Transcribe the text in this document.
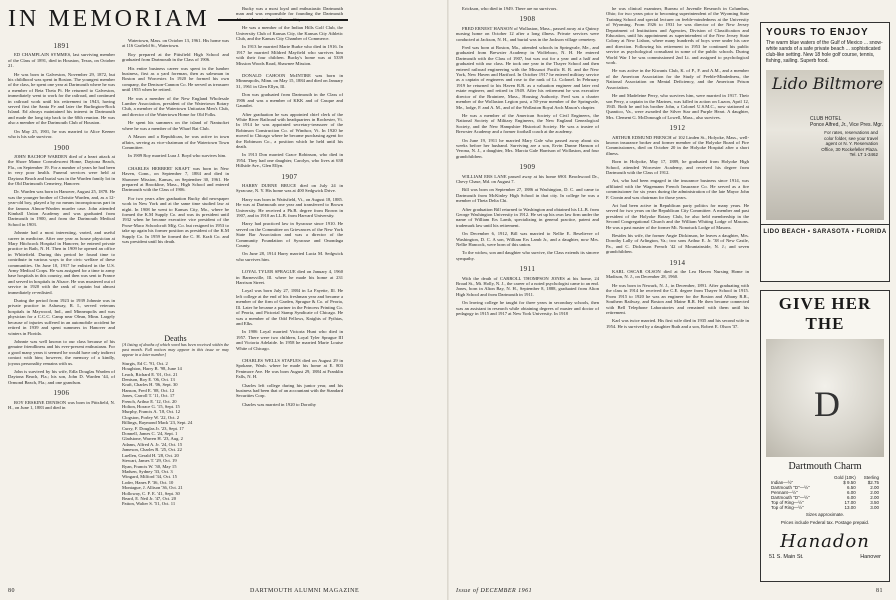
IN MEMORIAM
1891

ED CHAMPLAIN SYMMES, last surviving member of the Class of 1891, died in Houston, Texas, on October 21.

He was born in Galveston, November 29, 1872, but his childhood was spent in Boston. The youngest member of the class, he spent one year at Dartmouth where he was a member of Beta Theta Pi. He returned to Galveston, immediately went to work for the railroad, and continued in railroad work until his retirement in 1943, having served first the Santa Fe and later the Burlington-Rock Island. Ed always maintained his interest in Dartmouth and made the long trip back to the 60th reunion. He was also a member of the Dartmouth Club of Houston.

On May 25, 1901, he was married to Alice Keener who is his sole survivor.

1900

JOHN BACHOP WARDEN died of a heart attack at the Shore Manor Convalescent Home, Daytona Beach, Fla., on September 19. For a number of years he had been in very poor health. Funeral services were held at Daytona Beach and burial was in the Warden family lot in the Old Dartmouth Cemetery, Hanover.

Dr. Warden was born in Hanover, August 25, 1878. He was the younger brother of Christie Warden, and, as a 12-year-old boy, played a by no means inconspicuous part in the famous Almon-Warden murder case. John attended Kimball Union Academy and was graduated from Dartmouth in 1900, and from the Dartmouth Medical School in 1903.

Johnnie had a most interesting, varied, and useful career in medicine. After one year as house physician at Mary Hitchcock Hospital in Hanover, he entered private practice in Bath, N. H. Then in 1909 he opened an office in Whitefield. During this period he found time to contribute in various ways to the civic welfare of these communities. On June 10, 1917 he enlisted in the U.S. Army Medical Corps. He was assigned for a time to army base hospitals in this country, and then was sent to France and served in hospitals in Alsace. He was mustered out of service in 1920 with the rank of captain but almost immediately re-enlisted.

During the period from 1923 to 1939 Johnnie was in private practice in Ashaway, R. I., served veterans hospitals in Maywood, Ind., and Minneapolis and was physician for a C.C.C. Camp near Olean, Minn. Largely because of injuries suffered in an automobile accident he retired in 1939 and spent summers in Hanover and winters in Florida.

Johnnie was well known to our class because of his genuine friendliness and his ever-present enthusiasm. For a good many years it seemed he would have only indirect contact with him; however, the memory of a kindly, joyous personality remains with us.

John is survived by his wife, Edla Douglas Warden of Daytona Beach, Fla.; his son, John D. Warden '44, of Ormond Beach, Fla.; and one grandson.

1906

ROY ERSKINE DENISON was born in Pittsfield, N. H., on June 1, 1883 and died in

Watertown, Mass. on October 13, 1961. His home was at 116 Garfield St., Watertown.

Roy prepared at the Pittsfield High School and graduated from Dartmouth in the Class of 1906.

His entire business career was spent in the lumber business, first as a yard foreman, then as salesman in Boston and Worcester. In 1920 he formed his own company, the Denison-Cannon Co. He served as treasurer until 1955 when he retired.

He was a member of the New England Wholesale Lumber Association, president of the Watertown Rotary Club, a member of the Watertown Unitarian Men's Club, and director of the Watertown Home for Old Folks.

He spent his summers on the island of Nantucket where he was a member of the Wharf Rat Club.

A Mason and a Republican, he was active in town affairs, serving as vice-chairman of the Watertown Town Committee.

In 1909 Roy married Lura J. Boyd who survives him.

CHARLES HERBERT KRAFT was born in New Haven, Conn., on September 7, 1884 and died in Shawnee Mission, Kansas, on September 30, 1961. He prepared at Brookline, Mass., High School and entered Dartmouth with the Class of 1906.

For two years after graduation Bucky did newspaper work in New York and at the same time studied law at night. In 1908 he went to Kansas City, Mo., where he formed the K.M Supply Co. and was its president until 1932 when he became executive vice president of the Prose-Maco Schoolcraft Mfg. Co. but resigned in 1953 to take up again his former position as president of the K.M Supply Co. In 1959 he formed the C. H. Kraft Co. and was president until his death.

Deaths
[A listing of deaths of which word has been received within the past month. Full notices may appear in this issue or may appear in a later number.]
Sturgis, Ed C. '91, Oct. 2
Houghton, Harry B. '98, June 14
Leach, Richard E. '01, Oct. 21
Denison, Roy E. '06, Oct. 13
Kraft, Charles H. '06, Sept. 30
Hanson, Fred E. '08, Oct. 12
Jones, Carroll T. '11, Oct. 17
French, Arthur E. '12, Oct. 20
Holton, Horace G. '15, Sept. 15
Murphy, Francis A. '18, Oct. 12
Clogston, Porley W. '22, Oct. 2
Billings, Raymond Mack '23, Sept. 24
Curry, F. Douglas Jr. '23, Sept. 17
Donnell, James C. '24, Sept. 1
Gladstone, Warren H. '23, Aug. 2
Adams, Alfred A. Jr. '24, Oct. 15
Jameson, Charles R. '25, Oct. 22
Luellen, Gerald H. '28, Oct. 20
Stewart, James T. '29, Oct. 19
Ryan, Francis W. '30, May 15
Madsen, Sydney '33, Oct. 3
Wingard, Milford '34, Oct. 15
Loder, Hanes P. '36, Oct. 10
Montague, J. Allison '36, Oct. 21
Holloway, C. F. E. '41, Sept. 30
Beard, E. Neil Jr. '47, Oct. 20
Patton, Walter S. '51, Oct. 11

Bucky was a most loyal and enthusiastic Dartmouth man and was responsible for founding the Dartmouth Alumni Association of Kansas City.

He was a member of the Indian Hills Golf Club, the University Club of Kansas City, the Kansas City Athletic Club, and the Kansas City Chamber of Commerce.

In 1913 he married Marie Burke who died in 1916. In 1917 he married Mildred Mayfield who survives him with their four children. Bucky's home was at 5339 Mission Woods Road, Shawnee Mission.

DONALD CAHOON McINTIRE was born in Minneapolis, Minn. on May 15, 1884 and died on January 31, 1961 in Glen Ellyn, Ill.

Don was graduated from Dartmouth in the Class of 1906 and was a member of KKK and of Casque and Gauntlet.

After graduation he was appointed chief clerk of the White River Railroad with headquarters in Rochester, Vt. In 1914 he was appointed secretary-treasurer of the Robinson Construction Co. of Windsor, Vt. In 1920 he moved to Chicago where he became purchasing agent for the Robinson Co., a position which he held until his death.

In 1913 Don married Grace Robinson, who died in 1954. They had one daughter, Carolyn, who lives at 638 Hillside Ave., Glen Ellyn.

1907

HARRY DURNE BRUCE died on July 24 in Syracuse, N. Y. His home was at 400 Sedgwick Drive.

Harry was born in Waitsfield, Vt., on August 18, 1885. He was at Dartmouth one year and transferred to Brown University. He received a Ph.B. degree from Brown in 1907, and in 1910 an LL.B. from Harvard University.

Harry had practiced law in Syracuse since 1910. He served on the Committee on Grievances of the New York State Bar Association and was a director of the Community Foundation of Syracuse and Onondaga County.

On June 28, 1914 Harry married Lucia M. Sedgwick who survives him.

LOYAL TYLER SPRAGUE died on January 4, 1960 in Barnesville, Ill. where he made his home at 231 Harrison Street.

Loyal was born July 27, 1884 in La Fayette, Ill. He left college at the end of his freshman year and became a member of the firm of Garden, Sprague & Co. of Peoria, Ill. Later he became a partner in the Princess Printing Co. of Peoria, and Pictorial Stamp Syndicate of Chicago. He was a member of the Odd Fellows, Knights of Pythias, and Elks.

In 1906 Loyal married Victoria Hunt who died in 1957. There were two children, Loyal Tyler Sprague III and Victoria Adelaide. In 1958 he married Marie Louise White of Chicago.

CHARLES WELLS STAPLES died on August 29 in Spokane, Wash. where he made his home at E. 803 Fenimore Ave. He was born August 29, 1884 at Franklin Falls, N. H.

Charles left college during his junior year, and his business had been that of an accountant with the Standard Securities Corp.

Charles was married in 1920 to Dorothy

80	DARTMOUTH ALUMNI MAGAZINE

Erickson, who died in 1949. There are no survivors.

1908

FRED ERNEST HANSON of Wollaston, Mass., passed away at a Quincy nursing home on October 12 after a long illness. Private services were conducted at Jackson, N. H., and burial was in the Jackson village cemetery.

Fred was born at Boston, Ma., attended schools in Springvale, Me., and graduated from Brewster Academy in Wolfeboro, N. H. He entered Dartmouth with the Class of 1907, but was out for a year and a half and graduated with our class. He took one year in the Thayer School and then entered railroad engineering with the Missouri Pacific R. R. and the New York, New Haven and Hartford. In October 1917 he entered military service as a captain of engineers and rose to the rank of Lt. Colonel. In February 1919 he returned to his Haven R.R. as a valuation engineer and later real estate engineer, and retired in 1949. After his retirement he was executive director of the Braintree, Mass., Housing Authority. Fred was a charter member of the Wollaston Legion post, a 50-year member of the Springvale, Me., lodge, F. and A. M., and of the Wollaston Royal Arch Mason's chapter.

He was a member of the American Society of Civil Engineers, the National Society of Military Engineers, the New England Genealogical Society, and the New Hampshire Historical Society. He was a trustee of Brewster Academy and a former football coach at the academy.

On June 19, 1911 he married Mary Gale who passed away about six weeks before her husband. Surviving are a son, Ervin Dunne Hanson of Verona, N. J., a daughter, Mrs. Marcia Gale Harrison of Wollaston, and four grandchildren.

1909

WILLIAM ERS LANE passed away at his home 6901 Beachwood Dr., Chevy Chase, Md. on August 7.

Bill was born on September 27, 1886 at Washington, D. C. and came to Dartmouth from McKinley High School in that city. In college he was a member of Theta Delta Chi.

After graduation Bill returned to Washington and obtained his LL.B. from George Washington University in 1912. He set up his own law firm under the name of William Ers Lamb, specializing in general practice, patent and trademark law until his retirement.

On December 6, 1912, Bill was married to Nellie E. Beselievre of Washington, D. C. A son, William Ers Lamb Jr., and a daughter, now Mrs. Nellie Hancock, were born of this union.

To the widow, son and daughter who survive, the Class extends its sincere sympathy.

1911

With the death of CARROLL THOMPSON JONES at his home, 24 Broad St., Mt. Holly, N. J., the career of a noted psychologist came to an end. Jones, born in Alton Bay, N. H., September 8, 1888, graduated from Alton High School and from Dartmouth in 1911.

On leaving college he taught for three years in secondary schools, then was an assistant in research while obtaining degrees of master and doctor of pedagogy in 1915 and 1917 at New York University. In 1918

he was clinical examiner, Bureau of Juvenile Research in Columbus, Ohio; for two years prior to becoming superintendent of the Wyoming State Training School and special lecturer on feeble-mindedness at the University of Wyoming. From 1926 to 1931 he was director of the New Jersey Department of Institutions and Agencies, Division of Classification and Education, until his appointment as superintendent of the New Jersey State Colony at New Lisbon, where many hundreds of boys were under his care and direction. Following his retirement in 1953 he continued his public service as psychological consultant in some of the public schools. During World War I he was commissioned 2nd Lt. and assigned to psychological work.

He was active in the Kiwanis Club, K. of P., F. and A.M., and a member of the American Association for the Study of Feeble-Mindedness, the National Association on Mental Deficiency, and the American Prison Association.

He and Madeleine Perry, who survives him, were married in 1917. Their son Perry, a captain in the Marines, was killed in action on Luzon, April 12, 1945. Both he and his brother John, a Colonel U.S.M.C., now stationed at Quantico, Va., were awarded the Silver Star and Purple Heart. A daughter, Mrs. Clement G. McDonough of Lowell, Mass., also survives.

1912

ARTHUR EDMUND FRENCH of 102 Linden St., Holyoke, Mass., well-known insurance broker and former member of the Holyoke Board of Fire Commissioners, died on October 20 in the Holyoke Hospital after a short illness.

Born in Holyoke, May 17, 1889, he graduated from Holyoke High School, attended Worcester Academy, and received his degree from Dartmouth with the Class of 1912.

Art, who had been engaged in the insurance business since 1914, was affiliated with the Wagemann French Insurance Co. He served as a fire commissioner for six years during the administration of the late Mayor John F. Cronin and was chairman for those years.

Art had been active in Republican party politics for many years. He served for two years on the Republican City Committee. A member and past president of the Holyoke Rotary Club, he also held membership in the Second Congregational Church and the William Whiting Lodge of Masons. He was a past master of the former Mt. Nonotuck Lodge of Masons.

Besides his wife, the former Angie Dickinson, he leaves a daughter, Mrs. Dorothy Lally of Arlington, Va.; two sons Arthur E. Jr. '38 of New Castle, Pa., and C. Dickinson French '42 of Mountainside, N. J.; and seven grandchildren.

1914

KARL OSCAR OLSON died at the Lea Haven Nursing Home in Madison, N. J., on December 28, 1960.

He was born in Newark, N. J., in December, 1891. After graduating with the class in 1914 he received the C.E. degree from Thayer School in 1915. From 1915 to 1920 he was an engineer for the Boston and Albany R.R., Southern Railway, and Boston and Maine R.R. He then became connected with Bell Telephone Laboratories and remained with them until his retirement.

Karl was twice married. His first wife died in 1935 and his second wife in 1954. He is survived by a daughter Ruth and a son, Robert E. Olson '37.

Issue of DECEMBER 1961	81
YOURS TO ENJOY
The warm blue waters of the Gulf of Mexico ... snow-white sands of a safe private beach ... sophisticated club-like setting. New 18 hole golf course, tennis, fishing, sailing. Superb food.
Lido Biltmore
CLUB HOTEL
Ponce Alfred, Jr., Vice Pres. Mgr.
For rates, reservations and color folder, see your travel agent or N. Y. Reservation Office, 30 Rockefeller Plaza. Tel. LT 1-3462
LIDO BEACH • SARASOTA • FLORIDA
GIVE HER THE
D
Dartmouth Charm
	Gold (10K)	Sterling
Indian—½"	$ 9.50	$2.75
Dartmouth "D"—½"	6.50	2.00
Pennant—½"	6.00	2.00
Dartmouth "D"—½"	6.00	2.00
Top of Ring—½"	17.00	3.50
Top of Ring—½"	13.00	3.00
Sizes approximate.
Prices include Federal tax. Postage prepaid.
Hanadon
51 S. Main St.	Hanover
